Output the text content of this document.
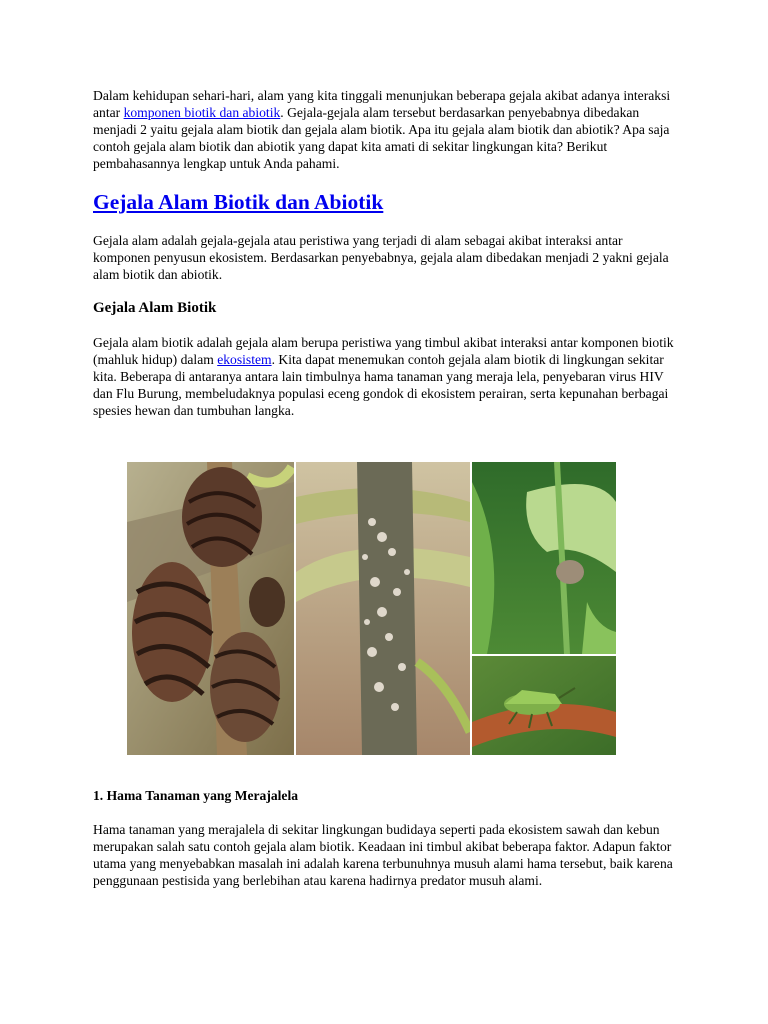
Dalam kehidupan sehari-hari, alam yang kita tinggali menunjukan beberapa gejala akibat adanya interaksi antar komponen biotik dan abiotik. Gejala-gejala alam tersebut berdasarkan penyebabnya dibedakan menjadi 2 yaitu gejala alam biotik dan gejala alam biotik. Apa itu gejala alam biotik dan abiotik? Apa saja contoh gejala alam biotik dan abiotik yang dapat kita amati di sekitar lingkungan kita? Berikut pembahasannya lengkap untuk Anda pahami.

Gejala Alam Biotik dan Abiotik

Gejala alam adalah gejala-gejala atau peristiwa yang terjadi di alam sebagai akibat interaksi antar komponen penyusun ekosistem. Berdasarkan penyebabnya, gejala alam dibedakan menjadi 2 yakni gejala alam biotik dan abiotik.

Gejala Alam Biotik

Gejala alam biotik adalah gejala alam berupa peristiwa yang timbul akibat interaksi antar komponen biotik (mahluk hidup) dalam ekosistem. Kita dapat menemukan contoh gejala alam biotik di lingkungan sekitar kita. Beberapa di antaranya antara lain timbulnya hama tanaman yang meraja lela, penyebaran virus HIV dan Flu Burung, membeludaknya populasi eceng gondok di ekosistem perairan, serta kepunahan berbagai spesies hewan dan tumbuhan langka.

1. Hama Tanaman yang Merajalela

Hama tanaman yang merajalela di sekitar lingkungan budidaya seperti pada ekosistem sawah dan kebun merupakan salah satu contoh gejala alam biotik. Keadaan ini timbul akibat beberapa faktor. Adapun faktor utama yang menyebabkan masalah ini adalah karena terbunuhnya musuh alami hama tersebut, baik karena penggunaan pestisida yang berlebihan atau karena hadirnya predator musuh alami.
